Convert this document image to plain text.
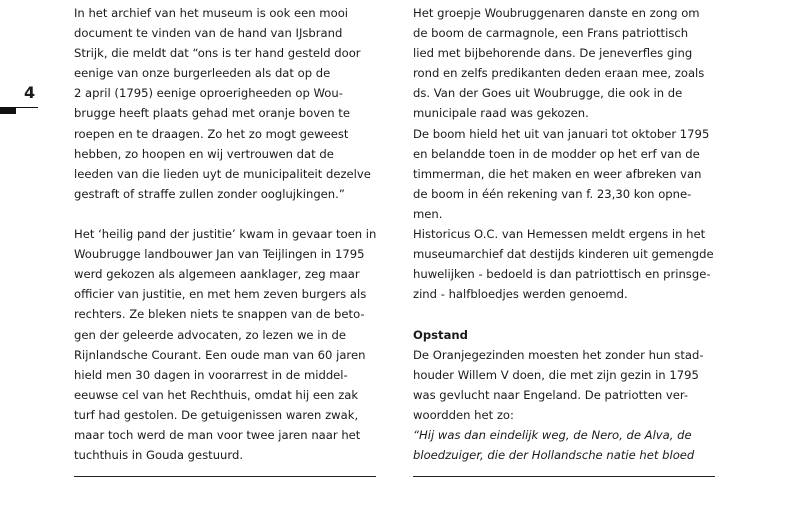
4
In het archief van het museum is ook een mooi
document te vinden van de hand van IJsbrand
Strijk, die meldt dat “ons is ter hand gesteld door
eenige van onze burgerleeden als dat op de
2 april (1795) eenige oproerigheeden op Wou-
brugge heeft plaats gehad met oranje boven te
roepen en te draagen. Zo het zo mogt geweest
hebben, zo hoopen en wij vertrouwen dat de
leeden van die lieden uyt de municipaliteit dezelve
gestraft of straffe zullen zonder ooglujkingen.”
Het ‘heilig pand der justitie’ kwam in gevaar toen in
Woubrugge landbouwer Jan van Teijlingen in 1795
werd gekozen als algemeen aanklager, zeg maar
officier van justitie, en met hem zeven burgers als
rechters. Ze bleken niets te snappen van de beto-
gen der geleerde advocaten, zo lezen we in de
Rijnlandsche Courant. Een oude man van 60 jaren
hield men 30 dagen in voorarrest in de middel-
eeuwse cel van het Rechthuis, omdat hij een zak
turf had gestolen. De getuigenissen waren zwak,
maar toch werd de man voor twee jaren naar het
tuchthuis in Gouda gestuurd.
Het groepje Woubruggenaren danste en zong om
de boom de carmagnole, een Frans patriottisch
lied met bijbehorende dans. De jeneverfles ging
rond en zelfs predikanten deden eraan mee, zoals
ds. Van der Goes uit Woubrugge, die ook in de
municipale raad was gekozen.
De boom hield het uit van januari tot oktober 1795
en belandde toen in de modder op het erf van de
timmerman, die het maken en weer afbreken van
de boom in één rekening van f. 23,30 kon opne-
men.
Historicus O.C. van Hemessen meldt ergens in het
museumarchief dat destijds kinderen uit gemengde
huwelijken - bedoeld is dan patriottisch en prinsge-
zind - halfbloedjes werden genoemd.
Opstand
De Oranjegezinden moesten het zonder hun stad-
houder Willem V doen, die met zijn gezin in 1795
was gevlucht naar Engeland. De patriotten ver-
woordden het zo:
“Hij was dan eindelijk weg, de Nero, de Alva, de
bloedzuiger, die der Hollandsche natie het bloed
